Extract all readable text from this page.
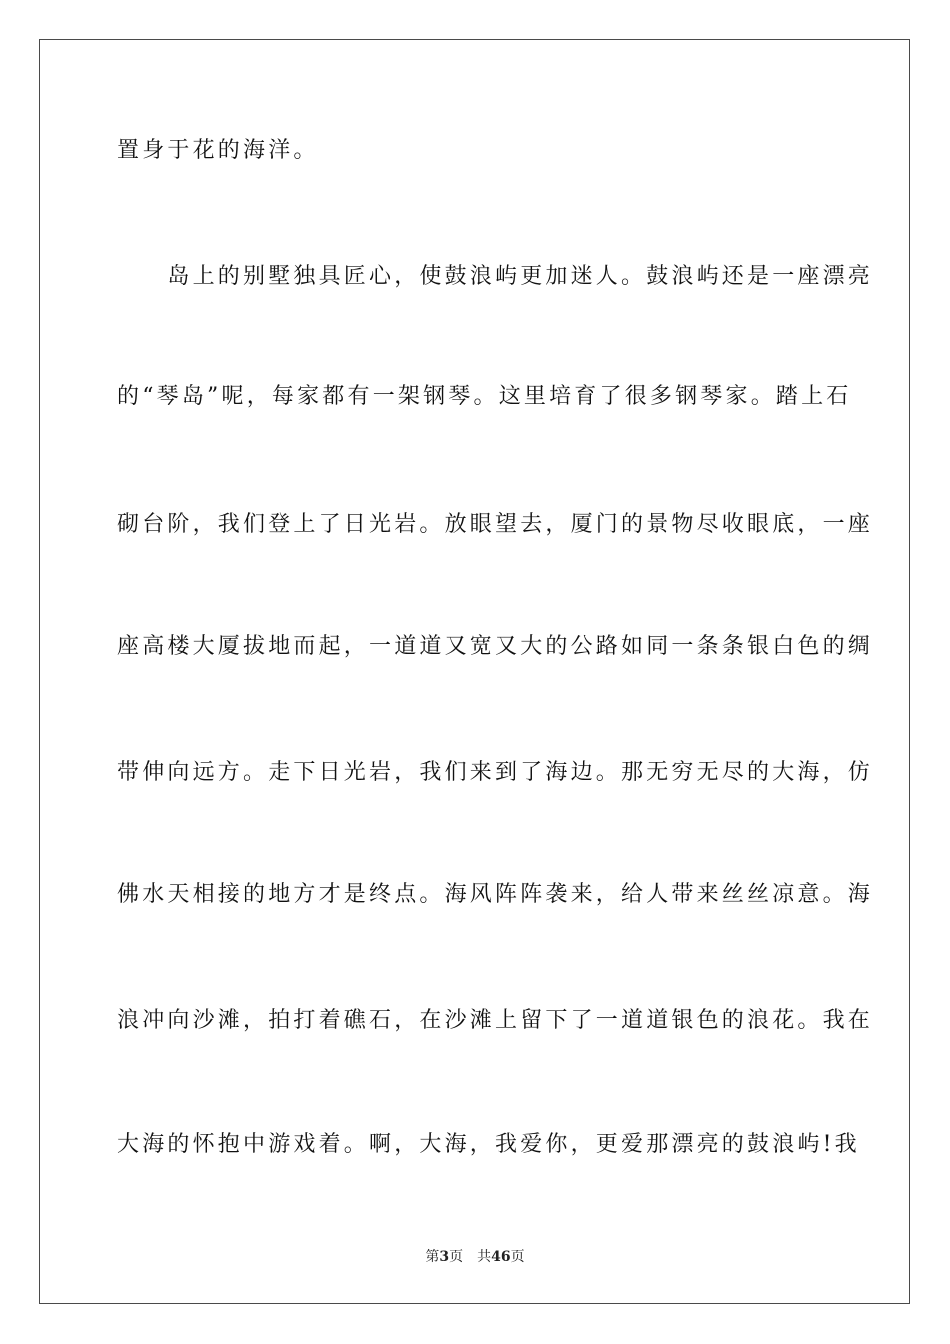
置身于花的海洋。

　　岛上的别墅独具匠心，使鼓浪屿更加迷人。鼓浪屿还是一座漂亮

的“琴岛”呢，每家都有一架钢琴。这里培育了很多钢琴家。踏上石

砌台阶，我们登上了日光岩。放眼望去，厦门的景物尽收眼底，一座

座高楼大厦拔地而起，一道道又宽又大的公路如同一条条银白色的绸

带伸向远方。走下日光岩，我们来到了海边。那无穷无尽的大海，仿

佛水天相接的地方才是终点。海风阵阵袭来，给人带来丝丝凉意。海

浪冲向沙滩，拍打着礁石，在沙滩上留下了一道道银色的浪花。我在

大海的怀抱中游戏着。啊，大海，我爱你，更爱那漂亮的鼓浪屿!我

第3页 共46页
